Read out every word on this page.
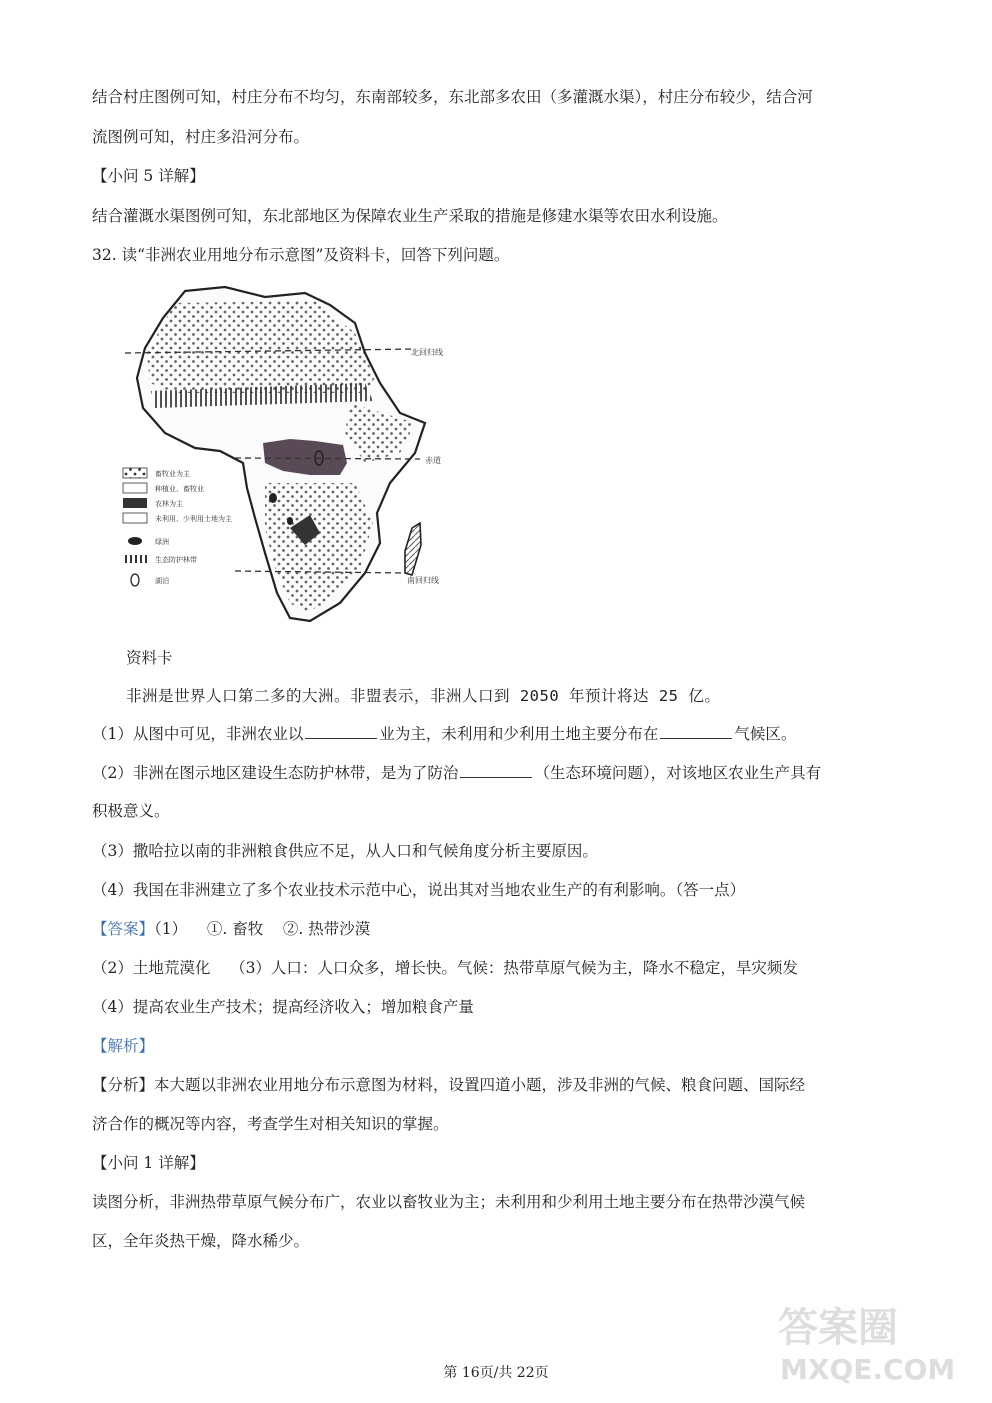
结合村庄图例可知，村庄分布不均匀，东南部较多，东北部多农田（多灌溉水渠），村庄分布较少，结合河
流图例可知，村庄多沿河分布。
【小问 5 详解】
结合灌溉水渠图例可知，东北部地区为保障农业生产采取的措施是修建水渠等农田水利设施。
32. 读“非洲农业用地分布示意图”及资料卡，回答下列问题。
北回归线
赤道
南回归线
畜牧业为主
种植业、畜牧业
农林为主
未利用、少利用土地为主
绿洲
生态防护林带
湖泊
资料卡
非洲是世界人口第二多的大洲。非盟表示，非洲人口到 2050 年预计将达 25 亿。
（1）从图中可见，非洲农业以	业为主，未利用和少利用土地主要分布在	气候区。
（2）非洲在图示地区建设生态防护林带，是为了防治	（生态环境问题），对该地区农业生产具有
积极意义。
（3）撒哈拉以南的非洲粮食供应不足，从人口和气候角度分析主要原因。
（4）我国在非洲建立了多个农业技术示范中心，说出其对当地农业生产的有利影响。（答一点）
【答案】（1）    ①. 畜牧    ②. 热带沙漠
（2）土地荒漠化    （3）人口：人口众多，增长快。气候：热带草原气候为主，降水不稳定，旱灾频发
（4）提高农业生产技术；提高经济收入；增加粮食产量
【解析】
【分析】本大题以非洲农业用地分布示意图为材料，设置四道小题，涉及非洲的气候、粮食问题、国际经
济合作的概况等内容，考查学生对相关知识的掌握。
【小问 1 详解】
读图分析，非洲热带草原气候分布广，农业以畜牧业为主；未利用和少利用土地主要分布在热带沙漠气候
区，全年炎热干燥，降水稀少。
第 16页/共 22页
答案圈
MXQE.COM
